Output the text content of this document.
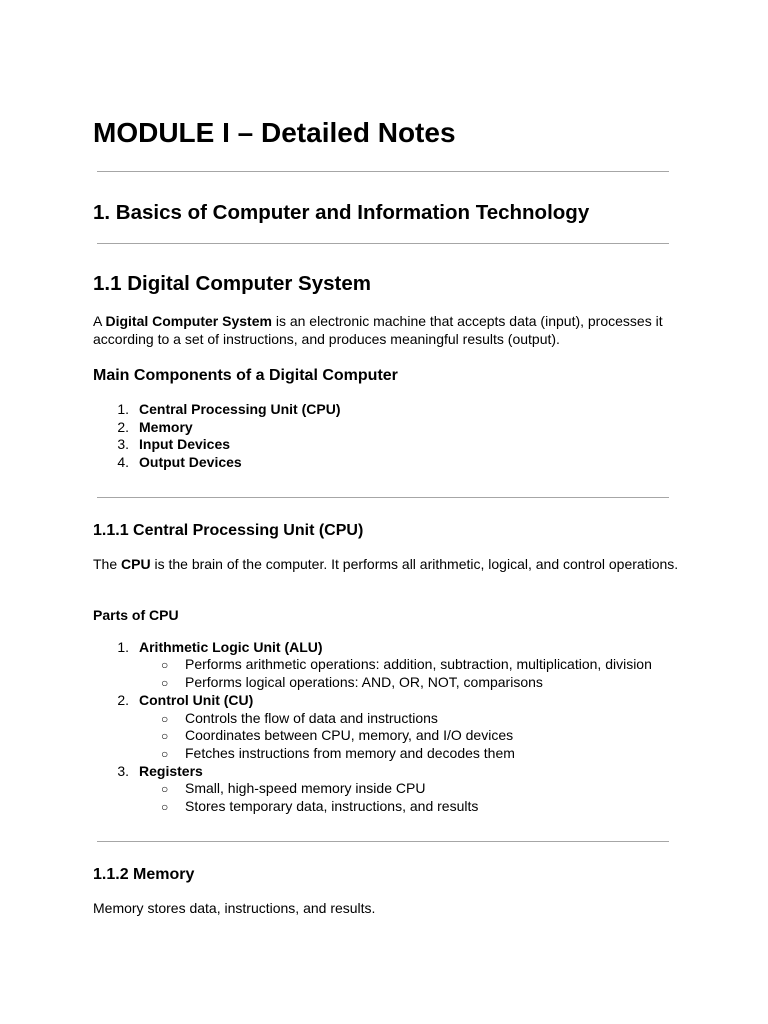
MODULE I – Detailed Notes
1. Basics of Computer and Information Technology
1.1 Digital Computer System
A Digital Computer System is an electronic machine that accepts data (input), processes it according to a set of instructions, and produces meaningful results (output).
Main Components of a Digital Computer
1. Central Processing Unit (CPU)
2. Memory
3. Input Devices
4. Output Devices
1.1.1 Central Processing Unit (CPU)
The CPU is the brain of the computer. It performs all arithmetic, logical, and control operations.
Parts of CPU
1. Arithmetic Logic Unit (ALU)
○ Performs arithmetic operations: addition, subtraction, multiplication, division
○ Performs logical operations: AND, OR, NOT, comparisons
2. Control Unit (CU)
○ Controls the flow of data and instructions
○ Coordinates between CPU, memory, and I/O devices
○ Fetches instructions from memory and decodes them
3. Registers
○ Small, high-speed memory inside CPU
○ Stores temporary data, instructions, and results
1.1.2 Memory
Memory stores data, instructions, and results.
